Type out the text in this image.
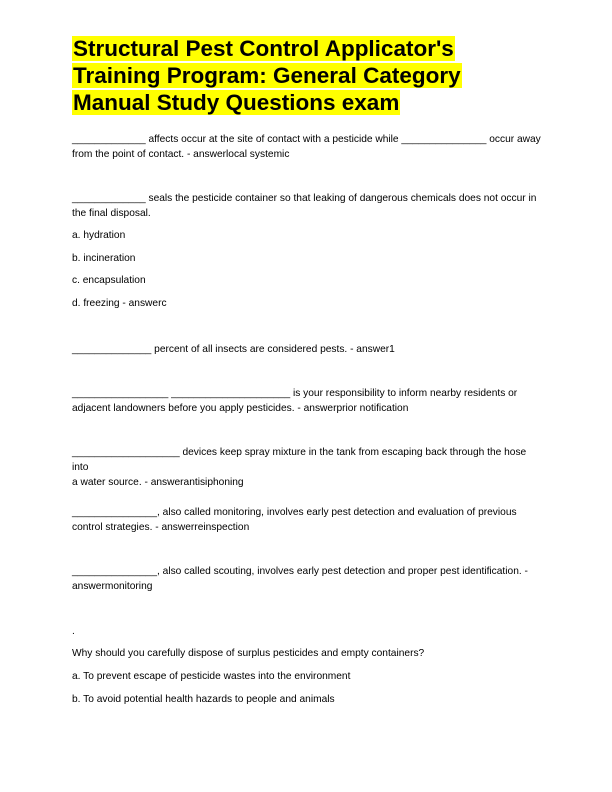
Structural Pest Control Applicator's
Training Program: General Category
Manual Study Questions exam

_____________ affects occur at the site of contact with a pesticide while _______________ occur away
from the point of contact. - answerlocal systemic

_____________ seals the pesticide container so that leaking of dangerous chemicals does not occur in
the final disposal.

a. hydration

b. incineration

c. encapsulation

d. freezing - answerc

______________ percent of all insects are considered pests. - answer1

_________________ _____________________ is your responsibility to inform nearby residents or
adjacent landowners before you apply pesticides. - answerprior notification

___________________ devices keep spray mixture in the tank from escaping back through the hose into
a water source. - answerantisiphoning

_______________, also called monitoring, involves early pest detection and evaluation of previous
control strategies. - answerreinspection

_______________, also called scouting, involves early pest detection and proper pest identification. -
answermonitoring

.

Why should you carefully dispose of surplus pesticides and empty containers?

a. To prevent escape of pesticide wastes into the environment

b. To avoid potential health hazards to people and animals
